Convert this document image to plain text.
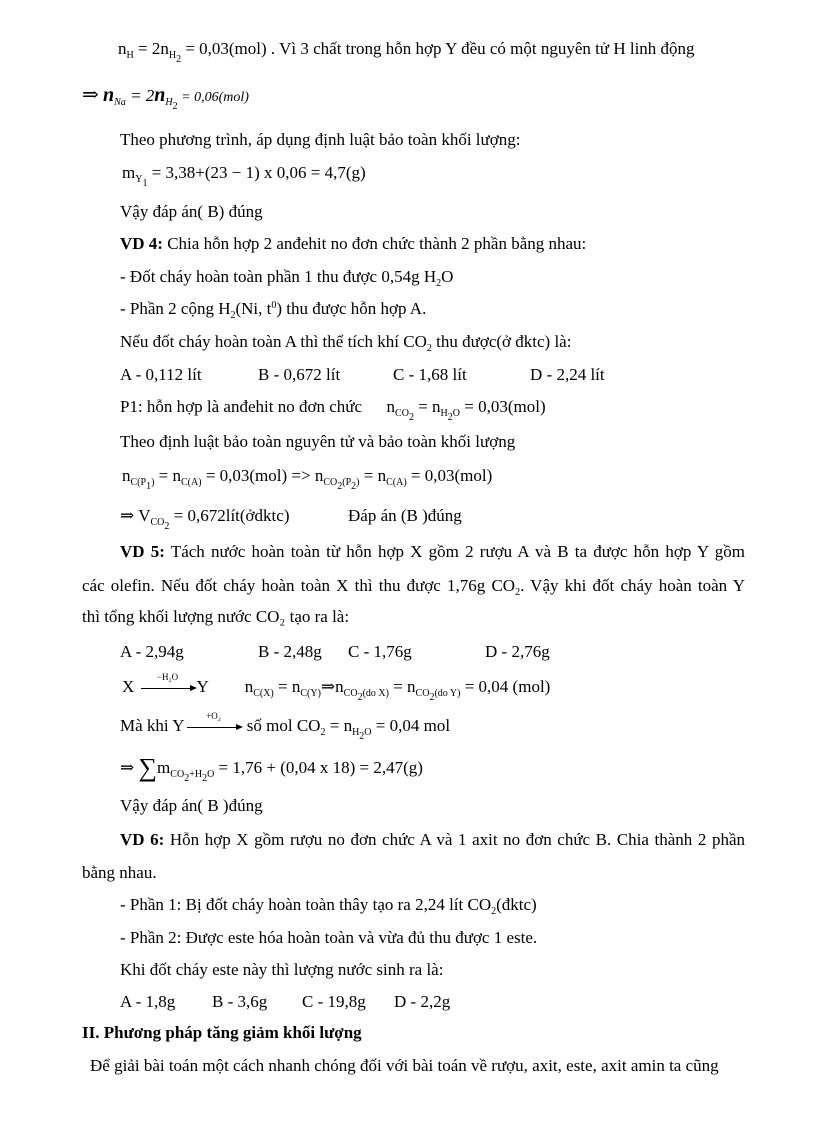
$n_H = 2n_{H_2} = 0,03(mol)$ . Vì 3 chất trong hỗn hợp Y đều có một nguyên tử H linh động
⇒ $n_{Na} = 2n_{H_2} = 0,06(mol)$
Theo phương trình, áp dụng định luật bảo toàn khối lượng:
$m_{Y_1} = 3,38+(23 - 1)$ x 0,06 = 4,7(g)
Vậy đáp án( B) đúng
VD 4: Chia hỗn hợp 2 anđehit no đơn chức thành 2 phần bằng nhau:
- Đốt cháy hoàn toàn phần 1 thu được 0,54g $H_2O$
- Phần 2 cộng $H_2(Ni$, $t^0$) thu được hỗn hợp A.
Nếu đốt cháy hoàn toàn A thì thể tích khí $CO_2$ thu được(ở đktc) là:
A - 0,112 lít	B - 0,672 lít	C - 1,68 lít	D - 2,24 lít
P1: hỗn hợp là anđehit no đơn chức $n_{CO_2} = n_{H_2O} = 0,03(mol)$
Theo định luật bảo toàn nguyên tử và bảo toàn khối lượng
$n_{C(P_1)} = n_{C(A)} = 0,03(mol) => n_{CO_2(P_2)} = n_{C(A)} = 0,03(mol)$
⇒ $V_{CO_2}$ = 0,672lít(ởdktc)	Đáp án (B )đúng
VD 5: Tách nước hoàn toàn từ hỗn hợp X gồm 2 rượu A và B ta được hỗn hợp Y gồm
các olefin. Nếu đốt cháy hoàn toàn X thì thu được 1,76g $CO_2$. Vậy khi đốt cháy hoàn toàn Y
thì tổng khối lượng nước CO₂ tạo ra là:
A - 2,94g	B - 2,48g C - 1,76g	D - 2,76g
X	−H₂O	Y $n_{C(X)}$ = $n_{C(Y)}\Rightarrow n_{CO_2(do X)} = n_{CO_2(do Y)} = 0,04$ (mol)
Mà khi Y	+O₂	số mol $CO_2 = n_{H_2O} = 0,04$ mol
⇒ $\sum m_{CO_2+H_2O} = 1,76 + (0,04$ x 18) = 2,47(g)
Vậy đáp án( B )đúng
VD 6: Hỗn hợp X gồm rượu no đơn chức A và 1 axit no đơn chức B. Chia thành 2 phần
bằng nhau.
- Phần 1: Bị đốt cháy hoàn toàn thây tạo ra 2,24 lít $CO_2(đktc)$
- Phần 2: Được este hóa hoàn toàn và vừa đủ thu được 1 este.
Khi đốt cháy este này thì lượng nước sinh ra là:
A - 1,8g B - 3,6g C - 19,8g D - 2,2g
II. Phương pháp tăng giảm khối lượng
Để giải bài toán một cách nhanh chóng đối với bài toán về rượu, axit, este, axit amin ta cũng
